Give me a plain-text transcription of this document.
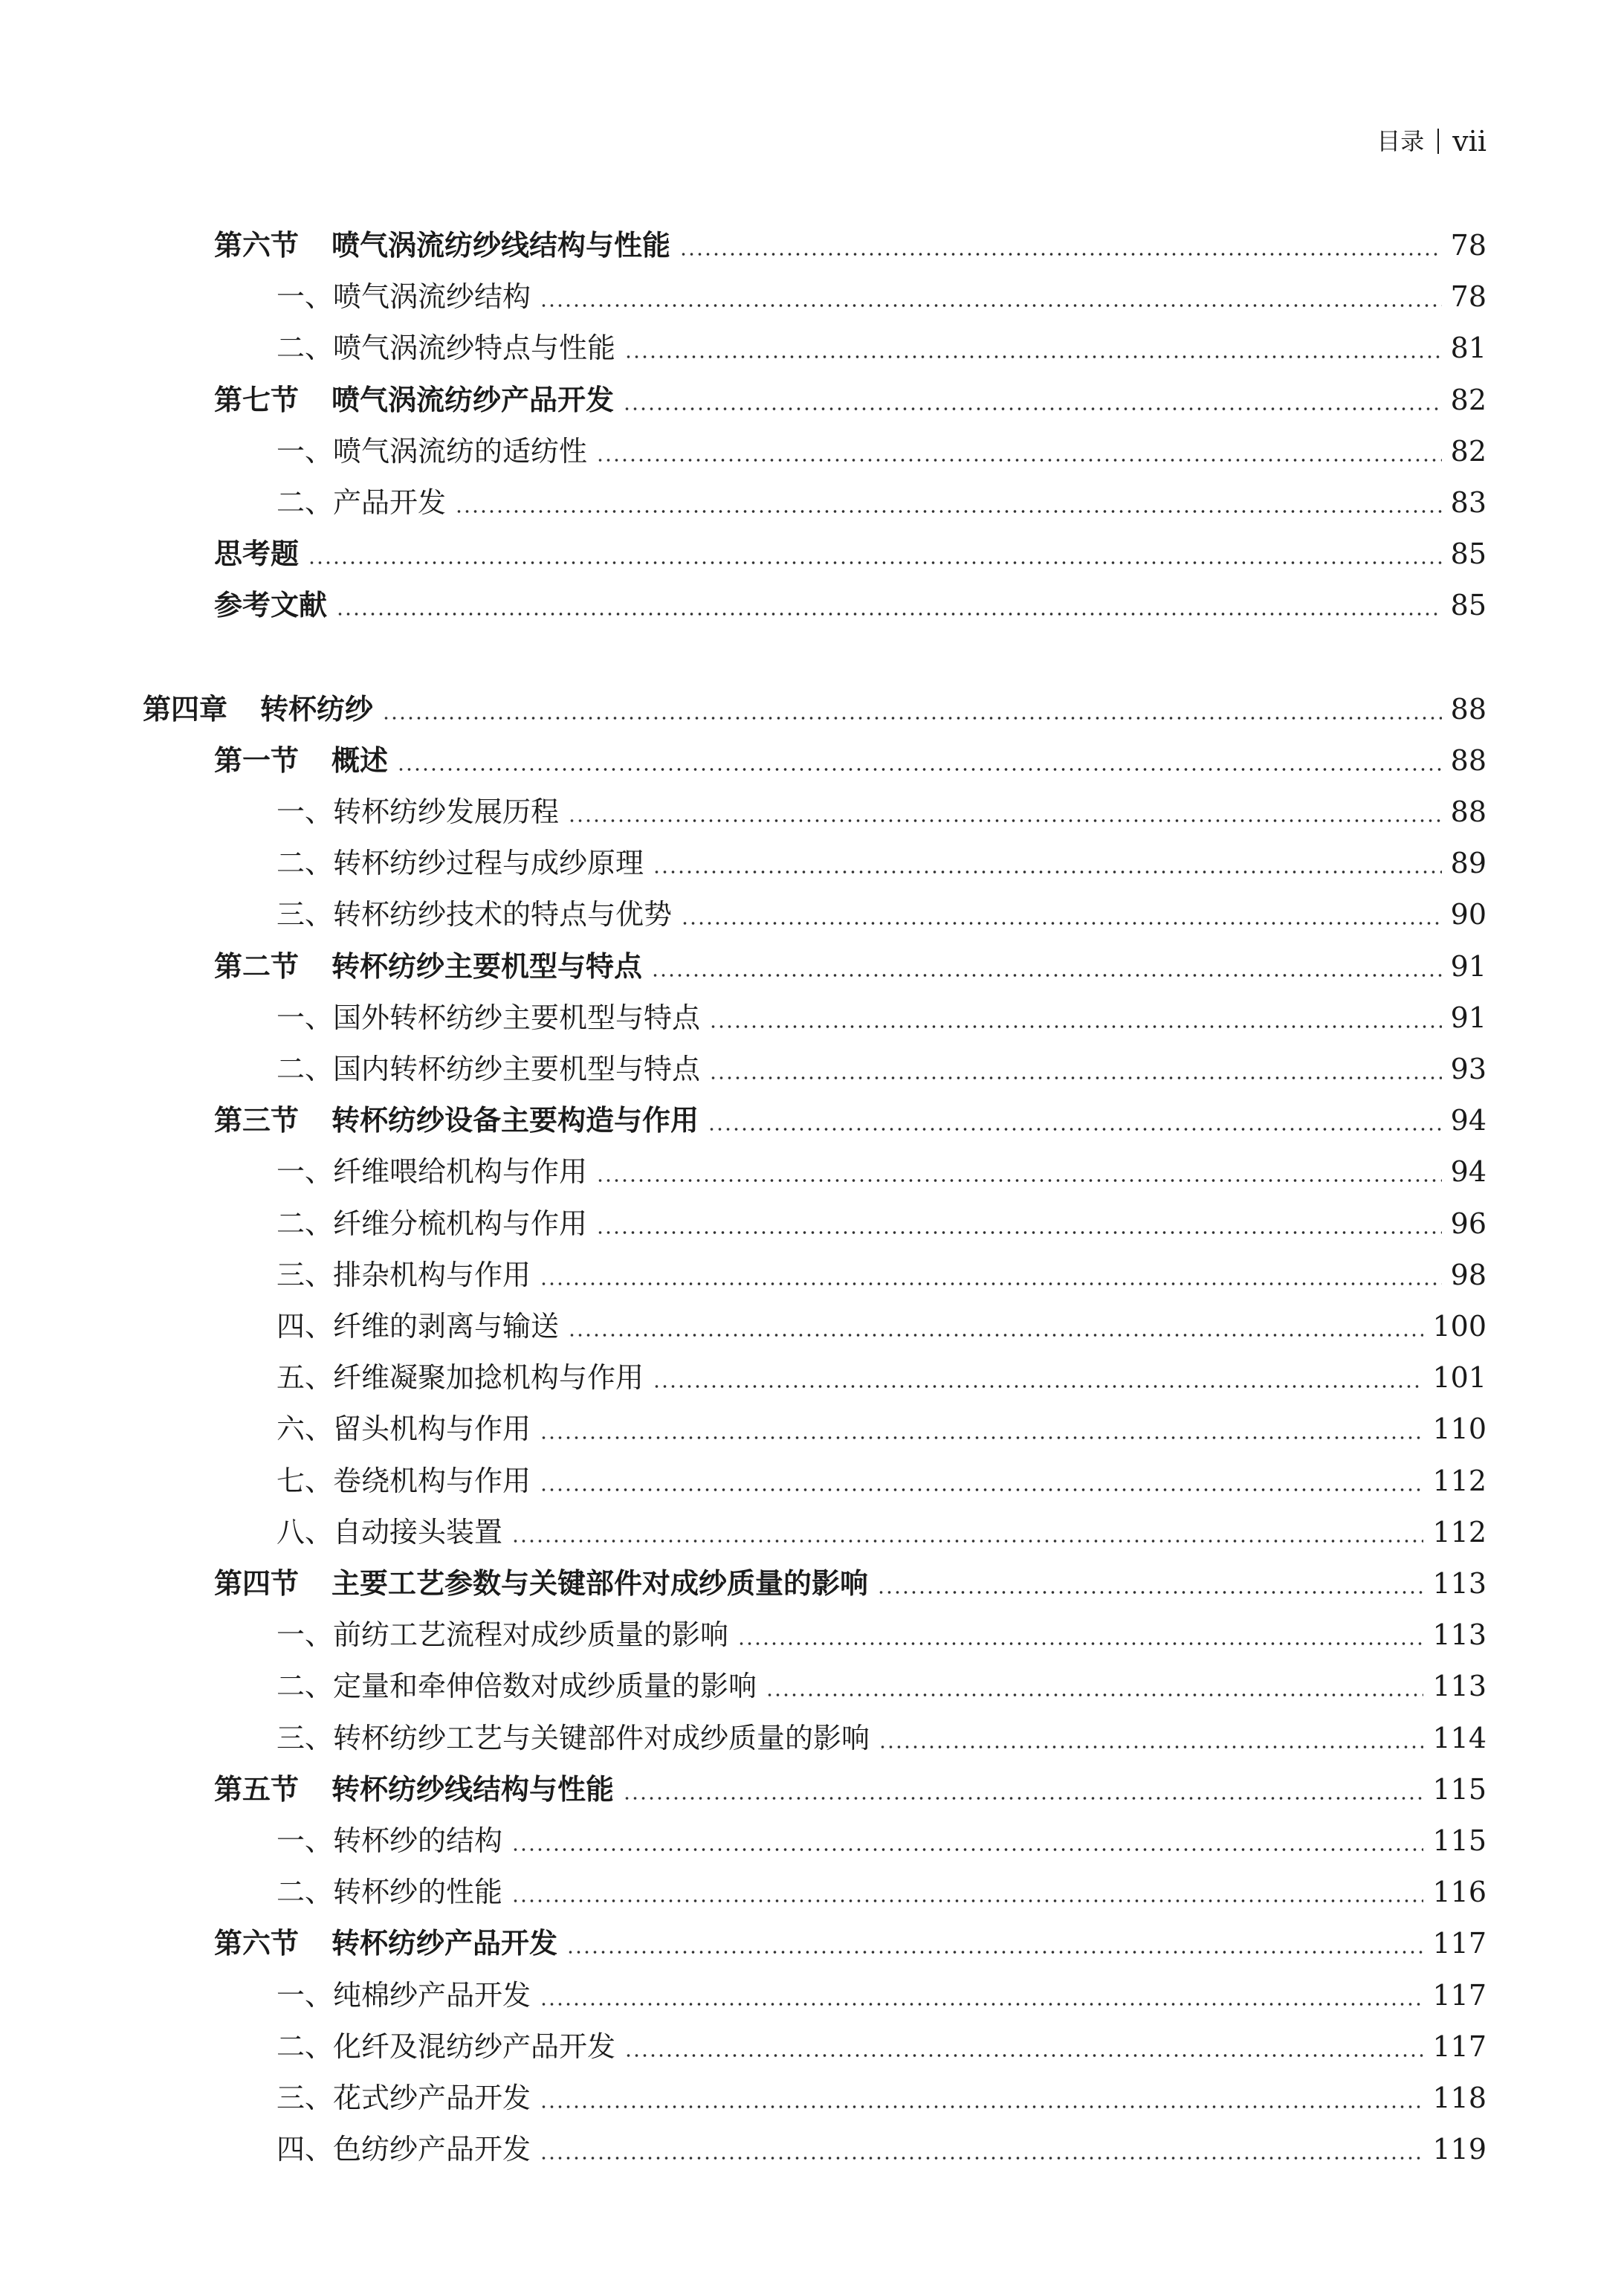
目录 vii
第六节 喷气涡流纺纱线结构与性能	78
一、喷气涡流纱结构	78
二、喷气涡流纱特点与性能	81
第七节 喷气涡流纺纱产品开发	82
一、喷气涡流纺的适纺性	82
二、产品开发	83
思考题	85
参考文献	85
第四章 转杯纺纱	88
第一节 概述	88
一、转杯纺纱发展历程	88
二、转杯纺纱过程与成纱原理	89
三、转杯纺纱技术的特点与优势	90
第二节 转杯纺纱主要机型与特点	91
一、国外转杯纺纱主要机型与特点	91
二、国内转杯纺纱主要机型与特点	93
第三节 转杯纺纱设备主要构造与作用	94
一、纤维喂给机构与作用	94
二、纤维分梳机构与作用	96
三、排杂机构与作用	98
四、纤维的剥离与输送	100
五、纤维凝聚加捻机构与作用	101
六、留头机构与作用	110
七、卷绕机构与作用	112
八、自动接头装置	112
第四节 主要工艺参数与关键部件对成纱质量的影响	113
一、前纺工艺流程对成纱质量的影响	113
二、定量和牵伸倍数对成纱质量的影响	113
三、转杯纺纱工艺与关键部件对成纱质量的影响	114
第五节 转杯纺纱线结构与性能	115
一、转杯纱的结构	115
二、转杯纱的性能	116
第六节 转杯纺纱产品开发	117
一、纯棉纱产品开发	117
二、化纤及混纺纱产品开发	117
三、花式纱产品开发	118
四、色纺纱产品开发	119
